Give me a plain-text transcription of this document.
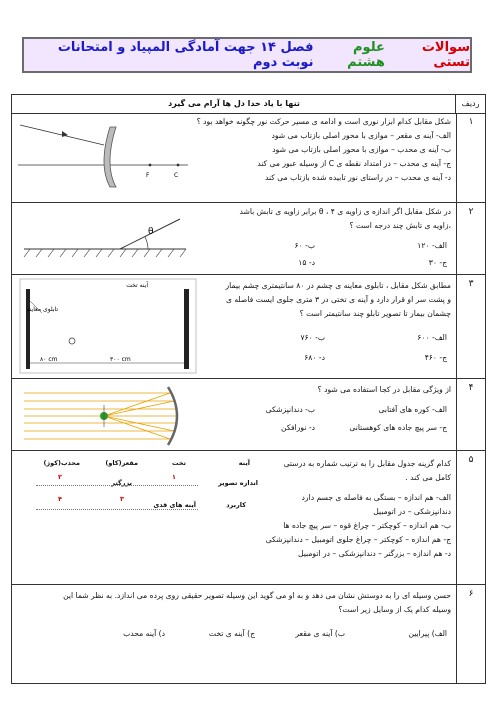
سوالات تستی

علوم هشتم

فصل ۱۴ جهت آمادگی المپیاد و امتحانات نوبت دوم
ردیف
تنها با یاد خدا دل ها آرام می گیرد
۱
شکل مقابل کدام ابزار نوری است و ادامه ی مسیر حرکت نور چگونه خواهد بود ؟
الف- آینه ی مقعر – موازی با محور اصلی بازتاب می شود
ب- آینه ی محدب – موازی با محور اصلی بازتاب می شود
ج- آینه ی محدب – در امتداد نقطه ی C از وسیله عبور می کند
د- آینه ی محدب – در راستای نور تابیده شده بازتاب می کند
F	C
۲
در شکل مقابل اگر اندازه ی زاویه ی θ ، ۴ برابر زاویه ی تابش باشد
،زاویه ی تابش چند درجه است ؟
الف- ۱۲۰
ب- ۶۰
ج- ۳۰
د- ۱۵
θ
۳
مطابق شکل مقابل ، تابلوی معاینه ی چشم در ۸۰ سانتیمتری چشم بیمار
و پشت سر او قرار دارد و آینه ی تختی در ۳ متری جلوی ایست فاصله ی
چشمان بیمار تا تصویر تابلو چند سانتیمتر است ؟
الف- ۶۰۰
ب- ۷۶۰
ج- ۴۶۰
د- ۶۸۰
آینه تخت
تابلوی معاینه
۸۰ cm	۳۰۰ cm
۴
از ویژگی مقابل در کجا استفاده می شود ؟
الف- کوره های آفتابی
ب- دندانپزشکی
ج- سر پیچ جاده های کوهستانی
د- نورافکن
۵
کدام گزینه جدول مقابل را به ترتیب شماره به درستی
کامل می کند .
الف- هم اندازه – بستگی به فاصله ی جسم دارد
دندانپزشکی – در اتومبیل
ب- هم اندازه – کوچکتر – چراغ قوه – سر پیچ جاده ها
ج- هم اندازه – کوچکتر – چراغ جلوی اتومبیل – دندانپزشکی
د- هم اندازه – بزرگتر – دندانپزشکی – در اتومبیل
آینه
تخت
مقعر(کاو)
محدب(کوژ)
اندازه تصویر
۱
بزرگتر
۲
کاربرد
آینه های قدی
۳
۴
۶
حسن وسیله ای را به دوستش نشان می دهد و به او می گوید این وسیله تصویر حقیقی روی پرده می اندازد. به نظر شما این
وسیله کدام یک از وسایل زیر است؟
الف) پیرایین
ب) آینه ی مقعر
ج) آینه ی تخت
د) آینه محدب
